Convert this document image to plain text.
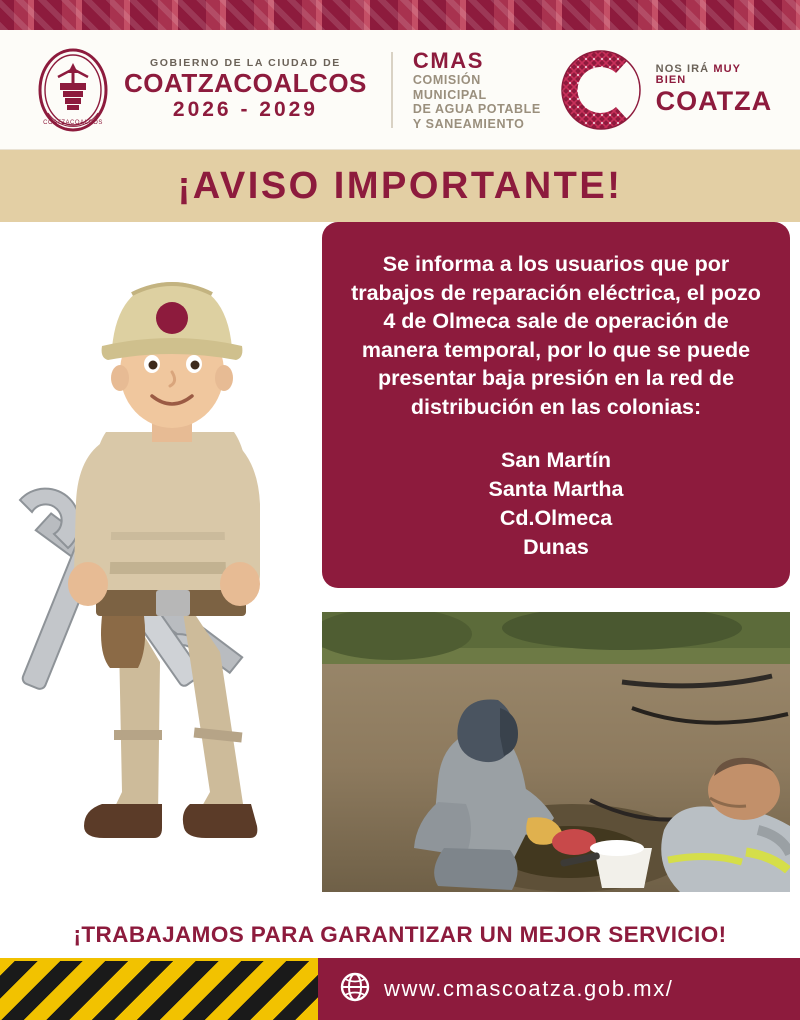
COATZACOALCOS
GOBIERNO DE LA CIUDAD DE
COATZACOALCOS
2026 - 2029
CMAS
COMISIÓN MUNICIPAL
DE AGUA POTABLE
Y SANEAMIENTO
NOS IRÁ MUY BIEN
COATZA
¡AVISO IMPORTANTE!

Se informa a los usuarios que por trabajos de reparación eléctrica, el pozo 4 de Olmeca sale de operación de manera temporal, por lo que se puede presentar baja presión en la red de distribución en las colonias:

San Martín
Santa Martha
Cd.Olmeca
Dunas
¡TRABAJAMOS PARA GARANTIZAR UN MEJOR SERVICIO!
www.cmascoatza.gob.mx/
